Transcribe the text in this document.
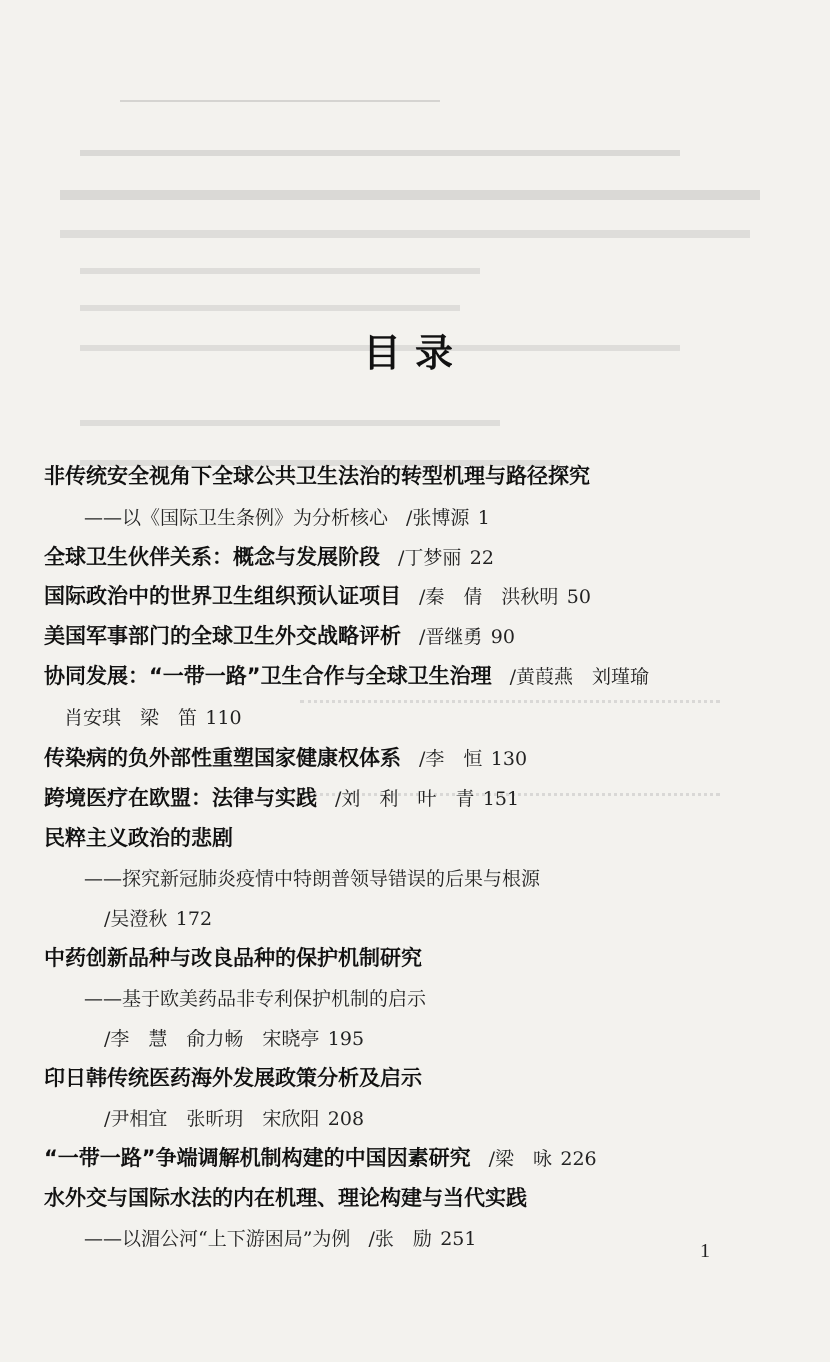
目录
非传统安全视角下全球公共卫生法治的转型机理与路径探究
——以《国际卫生条例》为分析核心 /张博源 1
全球卫生伙伴关系：概念与发展阶段 /丁梦丽 22
国际政治中的世界卫生组织预认证项目 /秦　倩　洪秋明 50
美国军事部门的全球卫生外交战略评析 /晋继勇 90
协同发展：“一带一路”卫生合作与全球卫生治理 /黄葭燕　刘瑾瑜
肖安琪　梁　笛 110
传染病的负外部性重塑国家健康权体系 /李　恒 130
跨境医疗在欧盟：法律与实践 /刘　利　叶　青 151
民粹主义政治的悲剧
——探究新冠肺炎疫情中特朗普领导错误的后果与根源
/吴澄秋 172
中药创新品种与改良品种的保护机制研究
——基于欧美药品非专利保护机制的启示
/李　慧　俞力畅　宋晓亭 195
印日韩传统医药海外发展政策分析及启示
/尹相宜　张昕玥　宋欣阳 208
“一带一路”争端调解机制构建的中国因素研究 /梁　咏 226
水外交与国际水法的内在机理、理论构建与当代实践
——以湄公河“上下游困局”为例 /张　励 251
1
